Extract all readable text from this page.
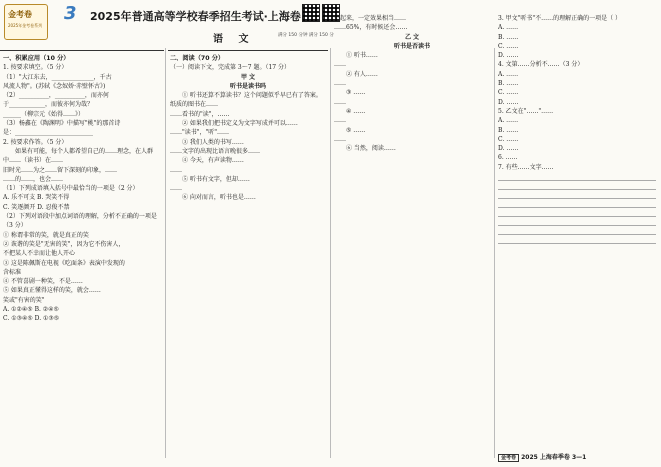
金考卷
2025年金考卷系列
3 2025年普通高等学校春季招生考试·上海卷
语 文	满分 150 分钟 满分 150 分

一、积累应用（10 分）

1. 按要求填空。（5 分）

（1）"大江东去，______________，千古

风流人物"。(苏轼《念奴娇·赤壁怀古》)

（2）__________，__________，而亦何

于____________，而彼亦何为哉？

______（柳宗元《始得……》）

（3）杨鑫在《陶渊明》中描写"桃"的那首诗

是：__________________________

2. 按要求作答。（5 分）

如果有可能，每个人都希望自己的……理念，在人群中……（读书）在……

旧时光……为之……留下深刻的印象，……

……的……，也会……

（1）下列成语填入括号中最恰当的一项是（2 分）

A. 乐不可支 B. 哭笑不得

C. 笑逐颜开 D. 忍俊不禁

（2）下列对语段中加点词语的理解，分析不正确的一项是（3 分）

① 称谓非常的笑，就是真正的笑

② 诙谐的笑是"无害的笑"，因为它不伤害人，

不把某人不幸而让他人开心

③ 这是陈佩斯在电视《吃面条》表演中发现的

含标准

④ 不管喜剧一种笑，不是……

⑤ 如果真正懂得这样的笑，就会……

笑或"有害的笑"

A. ①②④⑤ B. ②④⑤

C. ①③④⑤ D. ①③⑤

二、阅读（70 分）

（一）阅读下文，完成第 3～7 题。（17 分）

甲 文

听书是读书吗

① 听书还算不算读书？这个问题似乎早已有了答案。纸质的图书在……

……看书的"读"，……

② 如果我们把书定义为文字写成并可以……

……"读书"，"听"……

③ 我们人类的书写……

……文字的出现比语言晚很多……

④ 今天，有声读物……

……

⑤ 听书有文字，但却……

……

⑥ 向对而言，听书也是……

会起来，一定效果相当……

……65%，有时候还会……

乙 文

听书是否读书

① 听书……

……

② 有人……

……

③ ……

……

④ ……

……

⑤ ……

……

⑥ 当然，阅读……

3. 甲文"听书"不……的理解正确的一项是（ ）

A. ……

B. ……

C. ……

D. ……

4. 文第……分析不……（3 分）

A. ……

B. ……

C. ……

D. ……

5. 乙文在"……"……

A. ……

B. ……

C. ……

D. ……

6. ……

7. 有些……文字……

金考卷 2025 上海春季卷 3—1
